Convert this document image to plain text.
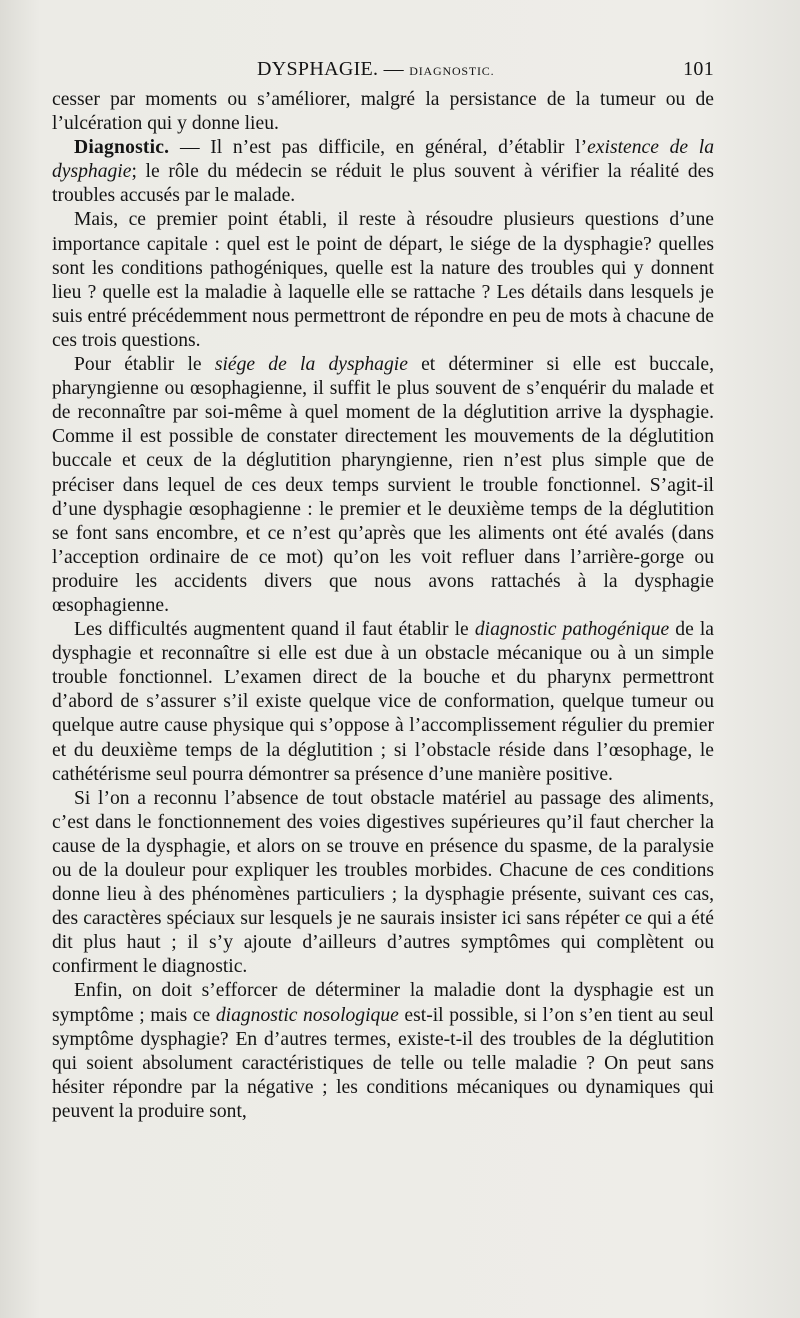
DYSPHAGIE. — DIAGNOSTIC.	101

cesser par moments ou s’améliorer, malgré la persistance de la tumeur ou de l’ulcération qui y donne lieu.

Diagnostic. — Il n’est pas difficile, en général, d’établir l’existence de la dysphagie; le rôle du médecin se réduit le plus souvent à vérifier la réalité des troubles accusés par le malade.

Mais, ce premier point établi, il reste à résoudre plusieurs questions d’une importance capitale : quel est le point de départ, le siége de la dysphagie? quelles sont les conditions pathogéniques, quelle est la nature des troubles qui y donnent lieu ? quelle est la maladie à laquelle elle se rattache ? Les détails dans lesquels je suis entré précédemment nous permettront de répondre en peu de mots à chacune de ces trois questions.

Pour établir le siége de la dysphagie et déterminer si elle est buccale, pharyngienne ou œsophagienne, il suffit le plus souvent de s’enquérir du malade et de reconnaître par soi-même à quel moment de la déglutition arrive la dysphagie. Comme il est possible de constater directement les mouvements de la déglutition buccale et ceux de la déglutition pharyngienne, rien n’est plus simple que de préciser dans lequel de ces deux temps survient le trouble fonctionnel. S’agit-il d’une dysphagie œsophagienne : le premier et le deuxième temps de la déglutition se font sans encombre, et ce n’est qu’après que les aliments ont été avalés (dans l’acception ordinaire de ce mot) qu’on les voit refluer dans l’arrière-gorge ou produire les accidents divers que nous avons rattachés à la dysphagie œsophagienne.

Les difficultés augmentent quand il faut établir le diagnostic pathogénique de la dysphagie et reconnaître si elle est due à un obstacle mécanique ou à un simple trouble fonctionnel. L’examen direct de la bouche et du pharynx permettront d’abord de s’assurer s’il existe quelque vice de conformation, quelque tumeur ou quelque autre cause physique qui s’oppose à l’accomplissement régulier du premier et du deuxième temps de la déglutition ; si l’obstacle réside dans l’œsophage, le cathétérisme seul pourra démontrer sa présence d’une manière positive.

Si l’on a reconnu l’absence de tout obstacle matériel au passage des aliments, c’est dans le fonctionnement des voies digestives supérieures qu’il faut chercher la cause de la dysphagie, et alors on se trouve en présence du spasme, de la paralysie ou de la douleur pour expliquer les troubles morbides. Chacune de ces conditions donne lieu à des phénomènes particuliers ; la dysphagie présente, suivant ces cas, des caractères spéciaux sur lesquels je ne saurais insister ici sans répéter ce qui a été dit plus haut ; il s’y ajoute d’ailleurs d’autres symptômes qui complètent ou confirment le diagnostic.

Enfin, on doit s’efforcer de déterminer la maladie dont la dysphagie est un symptôme ; mais ce diagnostic nosologique est-il possible, si l’on s’en tient au seul symptôme dysphagie? En d’autres termes, existe-t-il des troubles de la déglutition qui soient absolument caractéristiques de telle ou telle maladie ? On peut sans hésiter répondre par la négative ; les conditions mécaniques ou dynamiques qui peuvent la produire sont,
